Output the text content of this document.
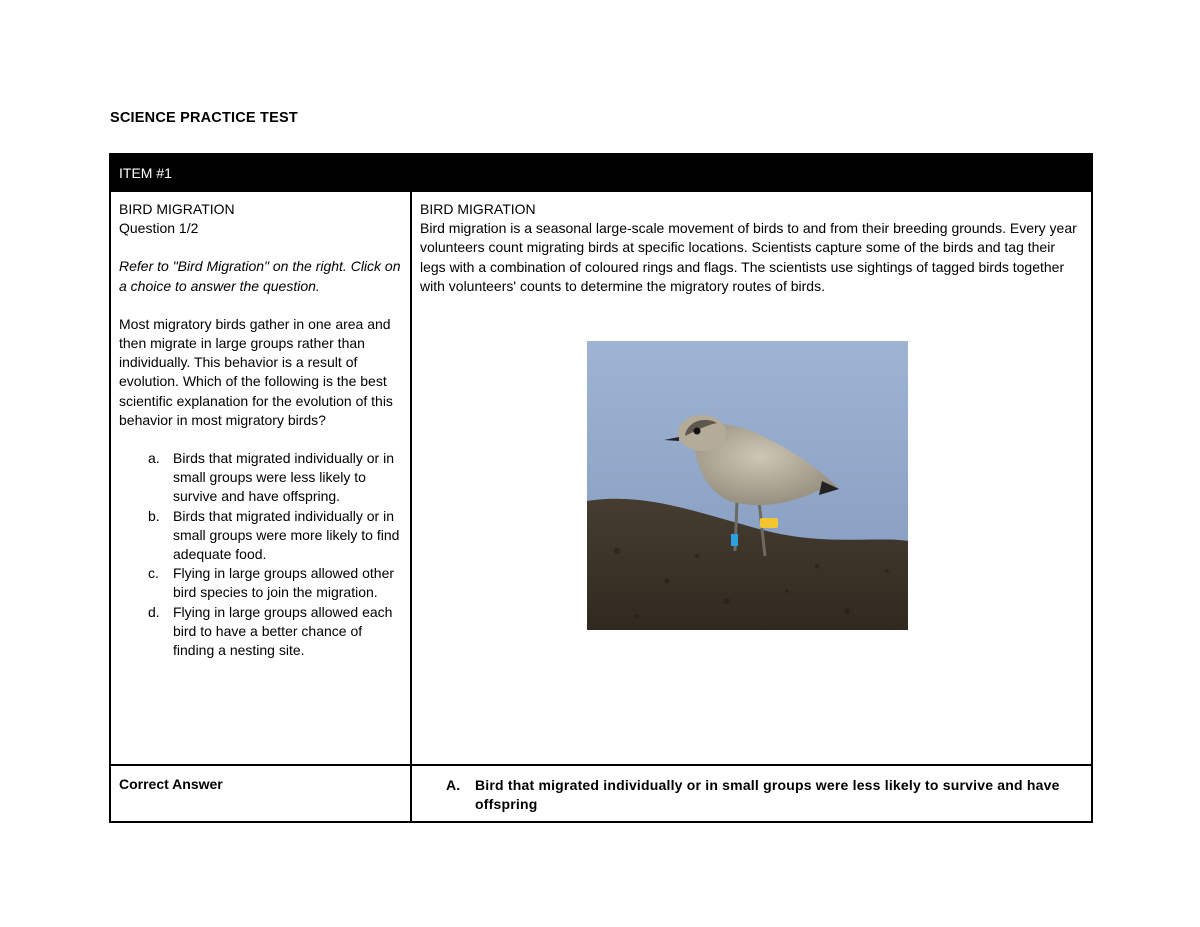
SCIENCE PRACTICE TEST
ITEM #1
BIRD MIGRATION
Question 1/2
Refer to "Bird Migration" on the right. Click on a choice to answer the question.
Most migratory birds gather in one area and then migrate in large groups rather than individually. This behavior is a result of evolution. Which of the following is the best scientific explanation for the evolution of this behavior in most migratory birds?
a. Birds that migrated individually or in small groups were less likely to survive and have offspring.
b. Birds that migrated individually or in small groups were more likely to find adequate food.
c.	Flying in large groups allowed other bird species to join the migration.
d. Flying in large groups allowed each bird to have a better chance of finding a nesting site.
BIRD MIGRATION
Bird migration is a seasonal large-scale movement of birds to and from their breeding grounds. Every year volunteers count migrating birds at specific locations. Scientists capture some of the birds and tag their legs with a combination of coloured rings and flags. The scientists use sightings of tagged birds together with volunteers' counts to determine the migratory routes of birds.
Correct Answer	A.	Bird that migrated individually or in small groups were less likely to survive and have offspring
